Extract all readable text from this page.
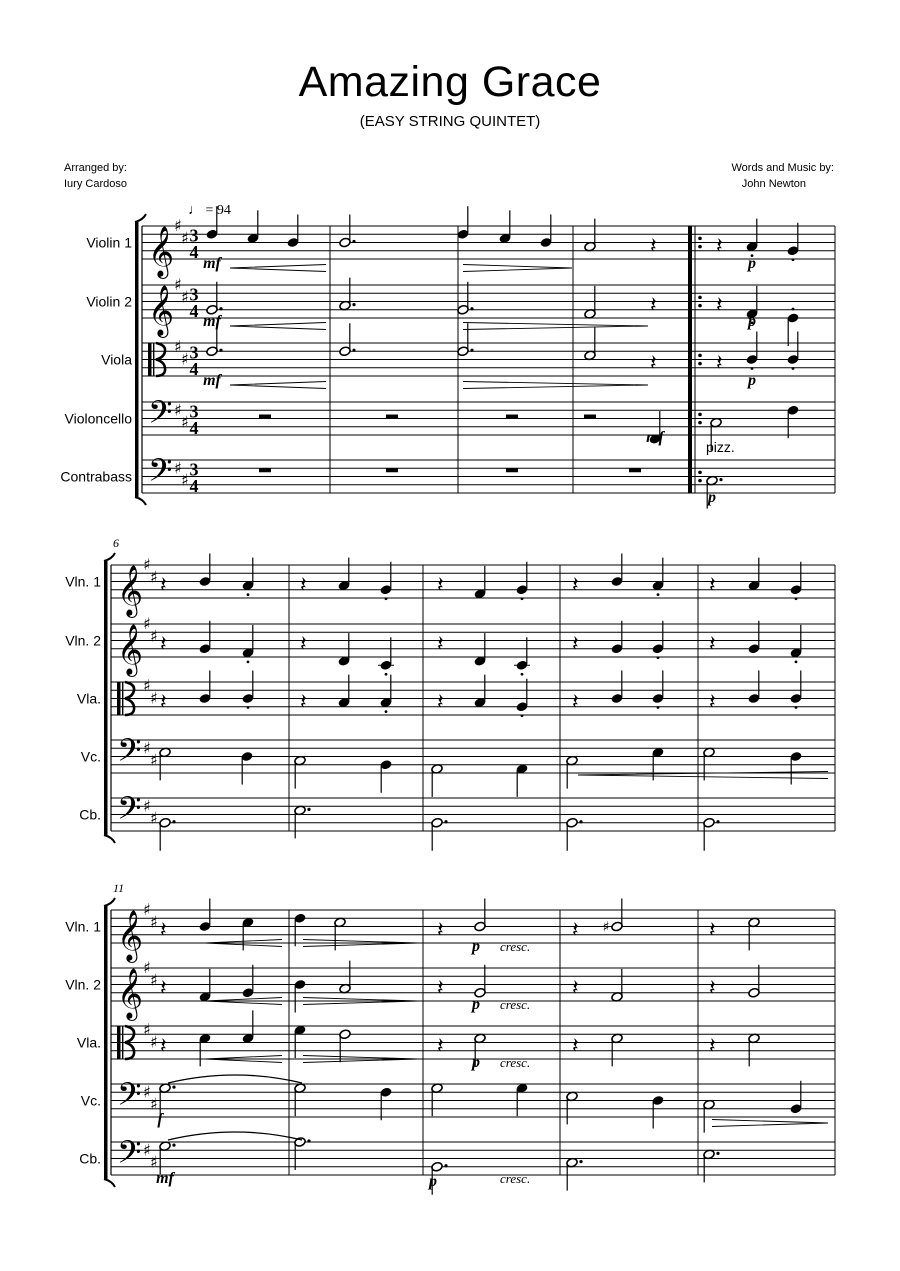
Amazing Grace
(EASY STRING QUINTET)
Arranged by:
Iury Cardoso
Words and Music by:
John Newton
Violin 1 𝄞
♯
♯ 3
4
Violin 2 𝄞
♯
♯ 3
4
Viola
♯
♯ 3
4
Violoncello 𝄢 ♯
♯
3
4
Contrabass 𝄢 ♯
♯
3
4
Vln. 1 𝄞
♯
♯
Vln. 2 𝄞
♯
♯
Vla.
♯
♯
Vc. 𝄢 ♯
♯
Cb. 𝄢 ♯
♯
6
Vln. 1 𝄞
♯
♯
Vln. 2 𝄞
♯
♯
Vla.
♯
♯
Vc. 𝄢 ♯
♯
Cb. 𝄢 ♯
♯
11
♩ = 94
𝄽	𝄽
mf	p
𝄽	𝄽
mf	p
𝄽	𝄽
mf	p
mf
pizz.
p
𝄽
𝄽
𝄽
𝄽
𝄽
𝄽
𝄽
𝄽
𝄽
𝄽
𝄽
𝄽
𝄽
𝄽
𝄽
𝄽	𝄽	𝄽 ♯	𝄽
p cresc.
𝄽	𝄽	𝄽	𝄽
p cresc.
𝄽	𝄽	𝄽	𝄽
p cresc.
f
mf	p	cresc.
